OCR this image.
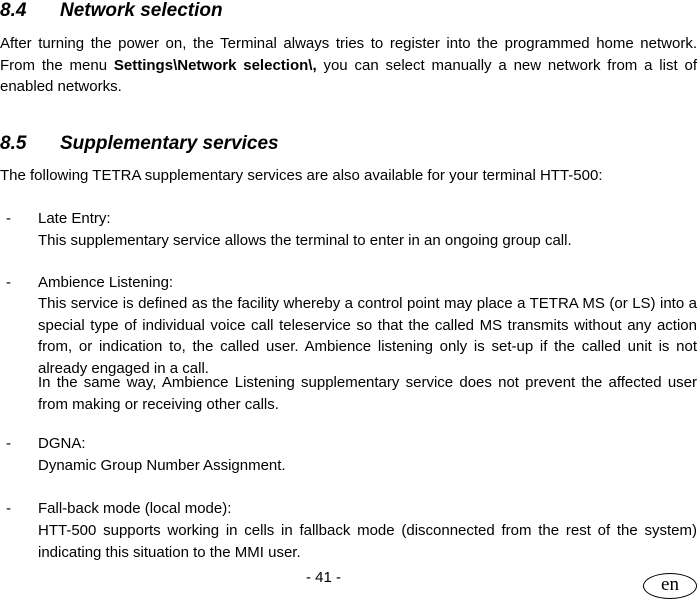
8.4 Network selection
After turning the power on, the Terminal always tries to register into the programmed home network. From the menu Settings\Network selection\, you can select manually a new network from a list of enabled networks.
8.5 Supplementary services
The following TETRA supplementary services are also available for your terminal HTT-500:
- Late Entry:
This supplementary service allows the terminal to enter in an ongoing group call.
- Ambience Listening:
This service is defined as the facility whereby a control point may place a TETRA MS (or LS) into a special type of individual voice call teleservice so that the called MS transmits without any action from, or indication to, the called user. Ambience listening only is set-up if the called unit is not already engaged in a call.
In the same way, Ambience Listening supplementary service does not prevent the affected user from making or receiving other calls.
- DGNA:
Dynamic Group Number Assignment.
- Fall-back mode (local mode):
HTT-500 supports working in cells in fallback mode (disconnected from the rest of the system) indicating this situation to the MMI user.
- 41 -	en
